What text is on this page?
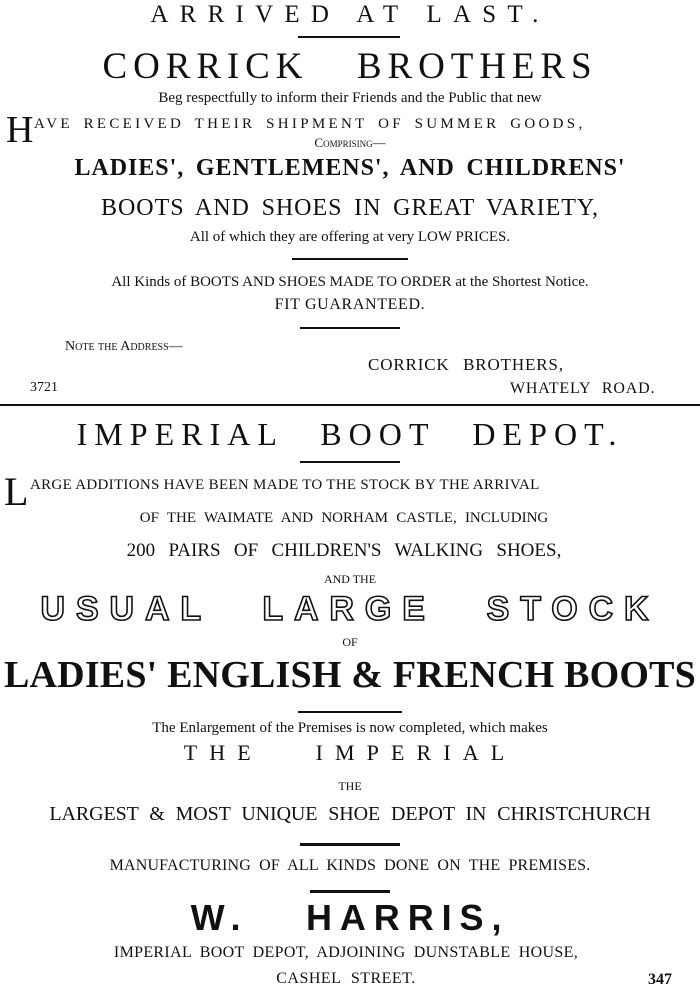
ARRIVED AT LAST.
CORRICK BROTHERS
Beg respectfully to inform their Friends and the Public that new
H AVE RECEIVED THEIR SHIPMENT OF SUMMER GOODS,
Comprising—
LADIES', GENTLEMENS', AND CHILDRENS'
BOOTS AND SHOES IN GREAT VARIETY,
All of which they are offering at very LOW PRICES.
All Kinds of BOOTS AND SHOES MADE TO ORDER at the Shortest Notice.
FIT GUARANTEED.
Note the Address—
CORRICK BROTHERS,
3721	WHATELY ROAD.
IMPERIAL BOOT DEPOT.
L ARGE ADDITIONS HAVE BEEN MADE TO THE STOCK BY THE ARRIVAL
OF THE WAIMATE AND NORHAM CASTLE, INCLUDING
200 PAIRS OF CHILDREN'S WALKING SHOES,
AND THE
USUAL LARGE STOCK
OF
LADIES' ENGLISH & FRENCH BOOTS
The Enlargement of the Premises is now completed, which makes
THE IMPERIAL
THE
LARGEST & MOST UNIQUE SHOE DEPOT IN CHRISTCHURCH
MANUFACTURING OF ALL KINDS DONE ON THE PREMISES.
W. HARRIS,
IMPERIAL BOOT DEPOT, ADJOINING DUNSTABLE HOUSE,
CASHEL STREET.	347
